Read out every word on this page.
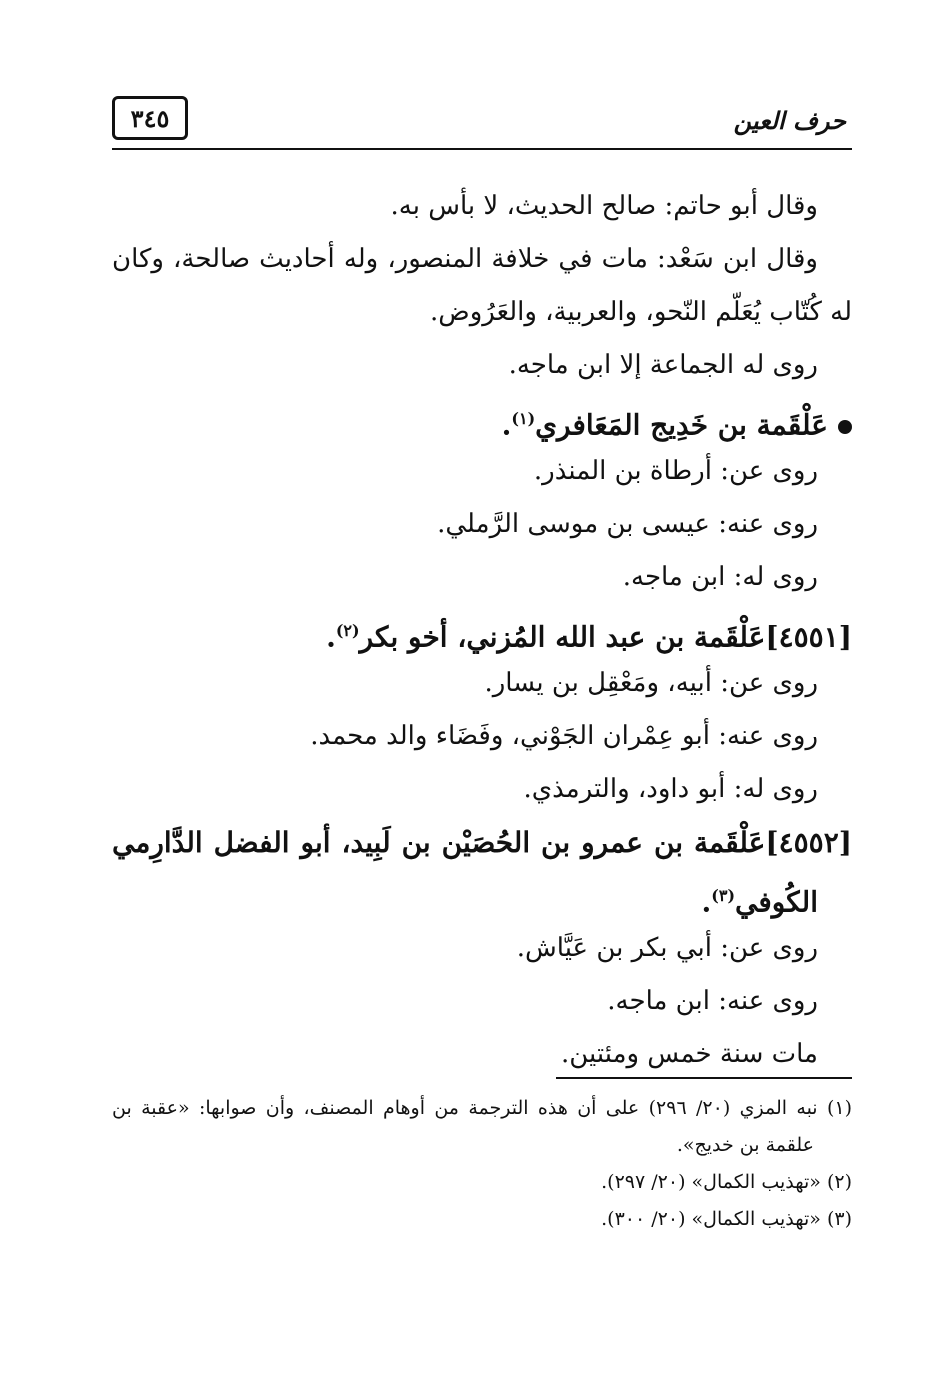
٣٤٥	حرف العين
وقال أبو حاتم: صالح الحديث، لا بأس به.
وقال ابن سَعْد: مات في خلافة المنصور، وله أحاديث صالحة، وكان
له كُتّاب يُعَلّم النّحو، والعربية، والعَرُوض.
روى له الجماعة إلا ابن ماجه.
عَلْقَمة بن خَدِيج المَعَافري$^{(١)}$.
روى عن: أرطاة بن المنذر.
روى عنه: عيسى بن موسى الرَّملي.
روى له: ابن ماجه.
[٤٥٥١]عَلْقَمة بن عبد الله المُزني، أخو بكر$^{(٢)}$.
روى عن: أبيه، ومَعْقِل بن يسار.
روى عنه: أبو عِمْران الجَوْني، وفَضَاء والد محمد.
روى له: أبو داود، والترمذي.
[٤٥٥٢]عَلْقَمة بن عمرو بن الحُصَيْن بن لَبِيد، أبو الفضل الدَّارِمي
الكُوفي$^{(٣)}$.
روى عن: أبي بكر بن عَيَّاش.
روى عنه: ابن ماجه.
مات سنة خمس ومئتين.
(١) نبه المزي (٢٠/ ٢٩٦) على أن هذه الترجمة من أوهام المصنف، وأن صوابها: «عقبة بن
علقمة بن خديج».
(٢) «تهذيب الكمال» (٢٠/ ٢٩٧).
(٣) «تهذيب الكمال» (٢٠/ ٣٠٠).
